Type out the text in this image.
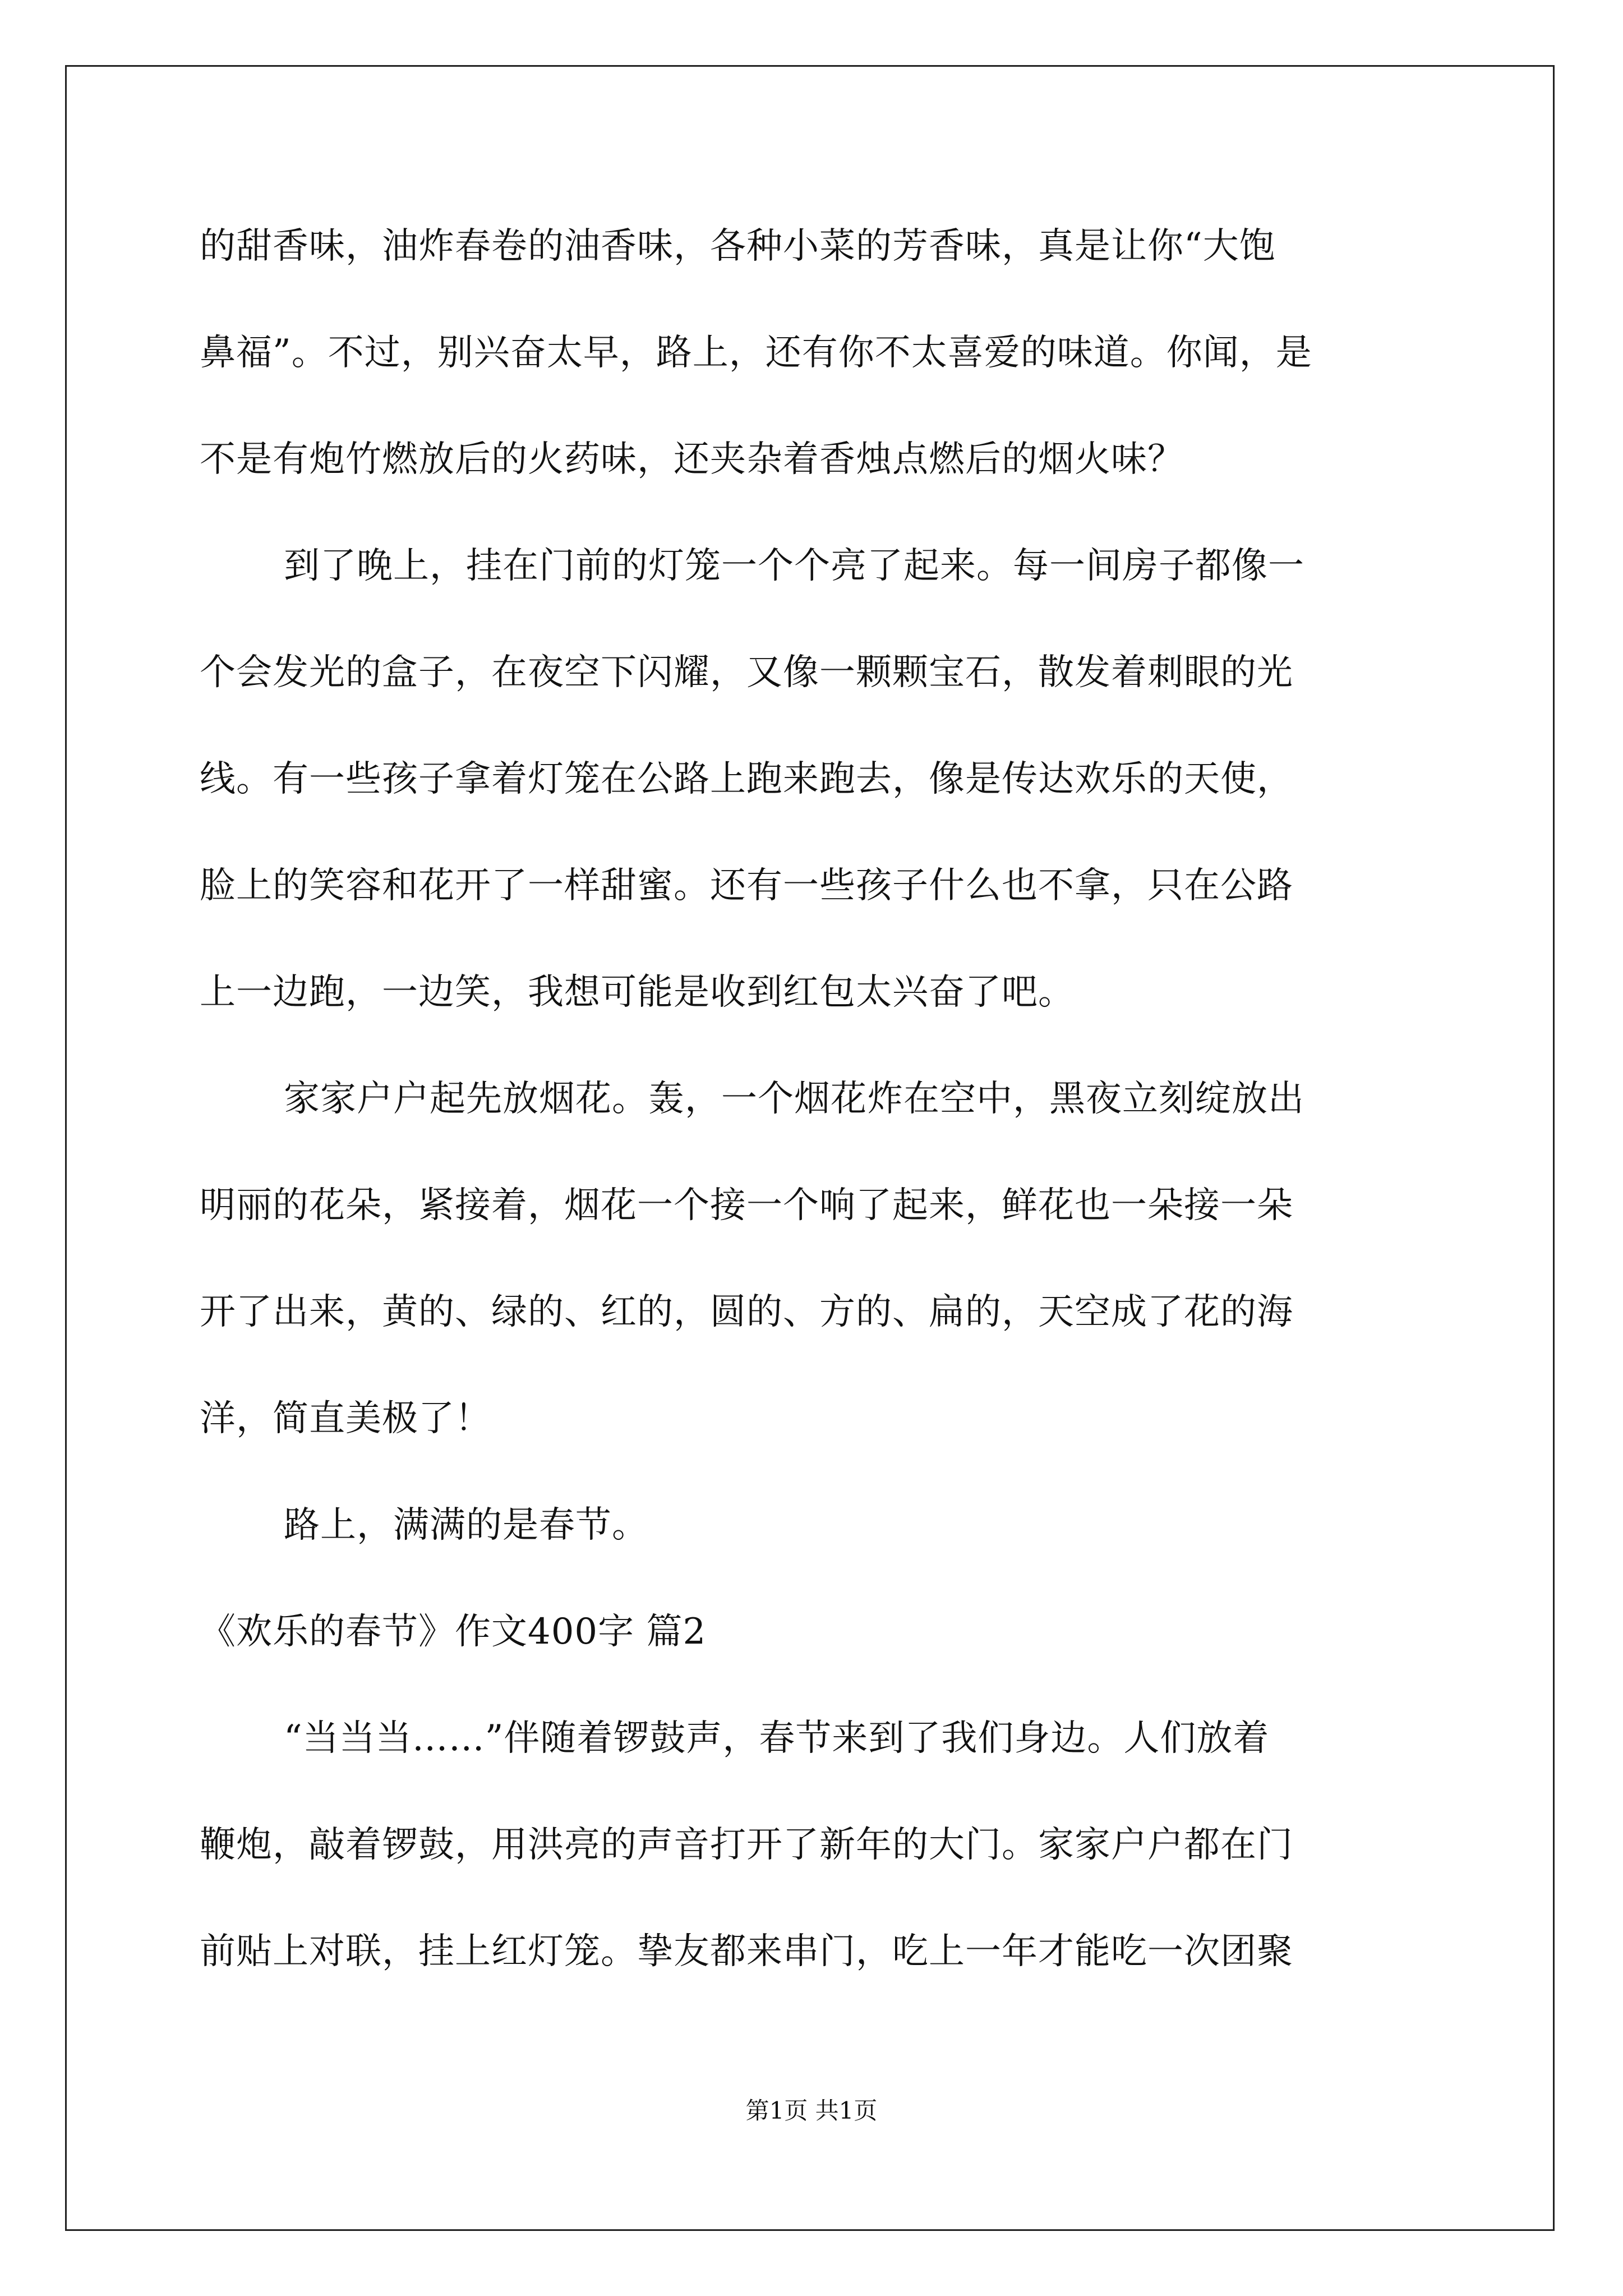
的甜香味，油炸春卷的油香味，各种小菜的芳香味，真是让你“大饱
鼻福”。不过，别兴奋太早，路上，还有你不太喜爱的味道。你闻，是
不是有炮竹燃放后的火药味，还夹杂着香烛点燃后的烟火味？
到了晚上，挂在门前的灯笼一个个亮了起来。每一间房子都像一
个会发光的盒子，在夜空下闪耀，又像一颗颗宝石，散发着刺眼的光
线。有一些孩子拿着灯笼在公路上跑来跑去，像是传达欢乐的天使，
脸上的笑容和花开了一样甜蜜。还有一些孩子什么也不拿，只在公路
上一边跑，一边笑，我想可能是收到红包太兴奋了吧。
家家户户起先放烟花。轰，一个烟花炸在空中，黑夜立刻绽放出
明丽的花朵，紧接着，烟花一个接一个响了起来，鲜花也一朵接一朵
开了出来，黄的、绿的、红的，圆的、方的、扁的，天空成了花的海
洋，简直美极了！
路上，满满的是春节。
《欢乐的春节》作文400字 篇2
“当当当……”伴随着锣鼓声，春节来到了我们身边。人们放着
鞭炮，敲着锣鼓，用洪亮的声音打开了新年的大门。家家户户都在门
前贴上对联，挂上红灯笼。挚友都来串门，吃上一年才能吃一次团聚
第1页 共1页
